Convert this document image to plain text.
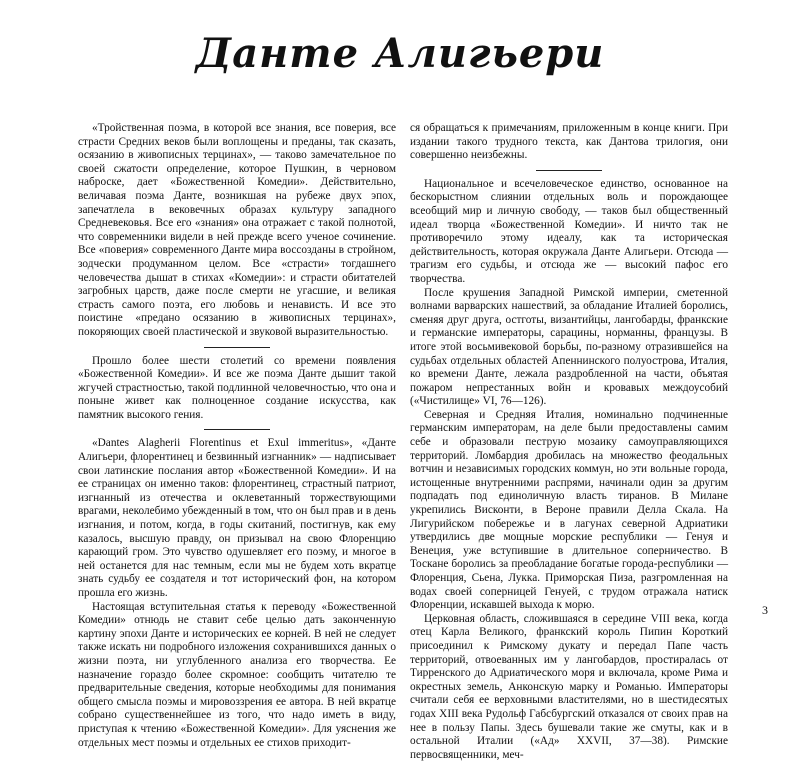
Данте Алигьери

«Тройственная поэма, в которой все знания, все поверия, все страсти Средних веков были воплощены и преданы, так сказать, осязанию в живописных терцинах», — таково замечательное по своей сжатости определение, которое Пушкин, в черновом наброске, дает «Божественной Комедии». Действительно, величавая поэма Данте, возникшая на рубеже двух эпох, запечатлела в вековечных образах культуру западного Средневековья. Все его «знания» она отражает с такой полнотой, что современники видели в ней прежде всего ученое сочинение. Все «поверия» современного Данте мира воссозданы в стройном, зодчески продуманном целом. Все «страсти» тогдашнего человечества дышат в стихах «Комедии»: и страсти обитателей загробных царств, даже после смерти не угасшие, и великая страсть самого поэта, его любовь и ненависть. И все это поистине «предано осязанию в живописных терцинах», покоряющих своей пластической и звуковой выразительностью.

Прошло более шести столетий со времени появления «Божественной Комедии». И все же поэма Данте дышит такой жгучей страстностью, такой подлинной человечностью, что она и поныне живет как полноценное создание искусства, как памятник высокого гения.

«Dantes Alagherii Florentinus et Exul immeritus», «Данте Алигьери, флорентинец и безвинный изгнанник» — надписывает свои латинские послания автор «Божественной Комедии». И на ее страницах он именно таков: флорентинец, страстный патриот, изгнанный из отечества и оклеветанный торжествующими врагами, неколебимо убежденный в том, что он был прав и в день изгнания, и потом, когда, в годы скитаний, постигнув, как ему казалось, высшую правду, он призывал на свою Флоренцию карающий гром. Это чувство одушевляет его поэму, и многое в ней останется для нас темным, если мы не будем хоть вкратце знать судьбу ее создателя и тот исторический фон, на котором прошла его жизнь.

Настоящая вступительная статья к переводу «Божественной Комедии» отнюдь не ставит себе целью дать законченную картину эпохи Данте и исторических ее корней. В ней не следует также искать ни подробного изложения сохранившихся данных о жизни поэта, ни углубленного анализа его творчества. Ее назначение гораздо более скромное: сообщить читателю те предварительные сведения, которые необходимы для понимания общего смысла поэмы и мировоззрения ее автора. В ней вкратце собрано существеннейшее из того, что надо иметь в виду, приступая к чтению «Божественной Комедии». Для уяснения же отдельных мест поэмы и отдельных ее стихов приходит-

ся обращаться к примечаниям, приложенным в конце книги. При издании такого трудного текста, как Дантова трилогия, они совершенно неизбежны.

Национальное и всечеловеческое единство, основанное на бескорыстном слиянии отдельных воль и порождающее всеобщий мир и личную свободу, — таков был общественный идеал творца «Божественной Комедии». И ничто так не противоречило этому идеалу, как та историческая действительность, которая окружала Данте Алигьери. Отсюда — трагизм его судьбы, и отсюда же — высокий пафос его творчества.

После крушения Западной Римской империи, сметенной волнами варварских нашествий, за обладание Италией боролись, сменяя друг друга, остготы, византийцы, лангобарды, франкские и германские императоры, сарацины, норманны, французы. В итоге этой восьмивековой борьбы, по-разному отразившейся на судьбах отдельных областей Апеннинского полуострова, Италия, ко времени Данте, лежала раздробленной на части, объятая пожаром непрестанных войн и кровавых междоусобий («Чистилище» VI, 76—126).

Северная и Средняя Италия, номинально подчиненные германским императорам, на деле были предоставлены самим себе и образовали пеструю мозаику самоуправляющихся территорий. Ломбардия дробилась на множество феодальных вотчин и независимых городских коммун, но эти вольные города, истощенные внутренними распрями, начинали один за другим подпадать под единоличную власть тиранов. В Милане укрепились Висконти, в Вероне правили Делла Скала. На Лигурийском побережье и в лагунах северной Адриатики утвердились две мощные морские республики — Генуя и Венеция, уже вступившие в длительное соперничество. В Тоскане боролись за преобладание богатые города-республики — Флоренция, Сьена, Лукка. Приморская Пиза, разгромленная на водах своей соперницей Генуей, с трудом отражала натиск Флоренции, искавшей выхода к морю.

Церковная область, сложившаяся в середине VIII века, когда отец Карла Великого, франкский король Пипин Короткий присоединил к Римскому дукату и передал Папе часть территорий, отвоеванных им у лангобардов, простиралась от Тирренского до Адриатического моря и включала, кроме Рима и окрестных земель, Анконскую марку и Романью. Императоры считали себя ее верховными властителями, но в шестидесятых годах XIII века Рудольф Габсбургский отказался от своих прав на нее в пользу Папы. Здесь бушевали такие же смуты, как и в остальной Италии («Ад» XXVII, 37—38). Римские первосвященники, меч-

3
